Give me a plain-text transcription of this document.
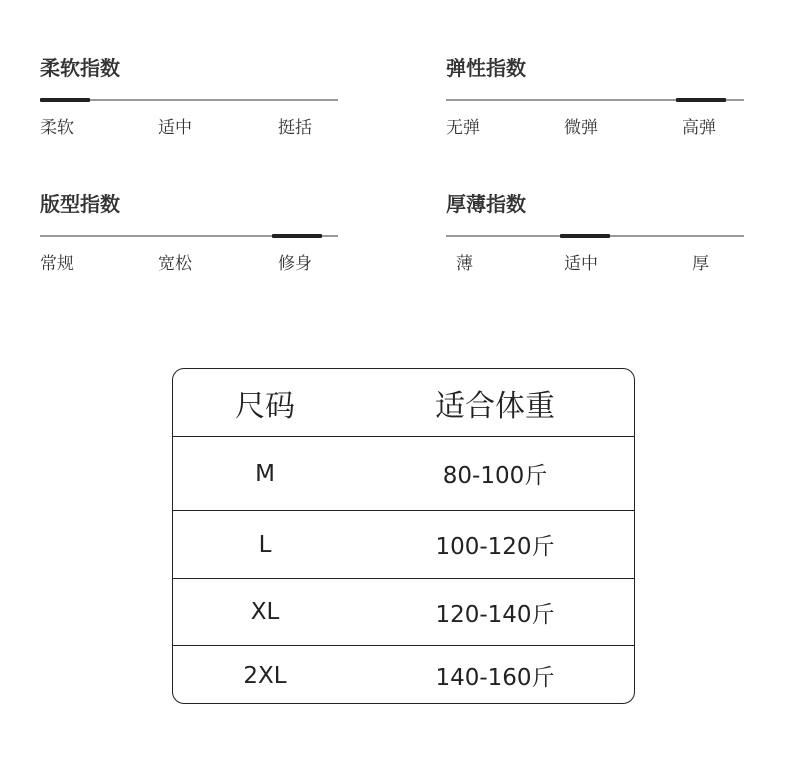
柔软指数
柔软	适中	挺括
弹性指数
无弹	微弹	高弹
版型指数
常规	宽松	修身
厚薄指数
薄	适中	厚
尺码	适合体重
M	80-100斤
L	100-120斤
XL	120-140斤
2XL	140-160斤
